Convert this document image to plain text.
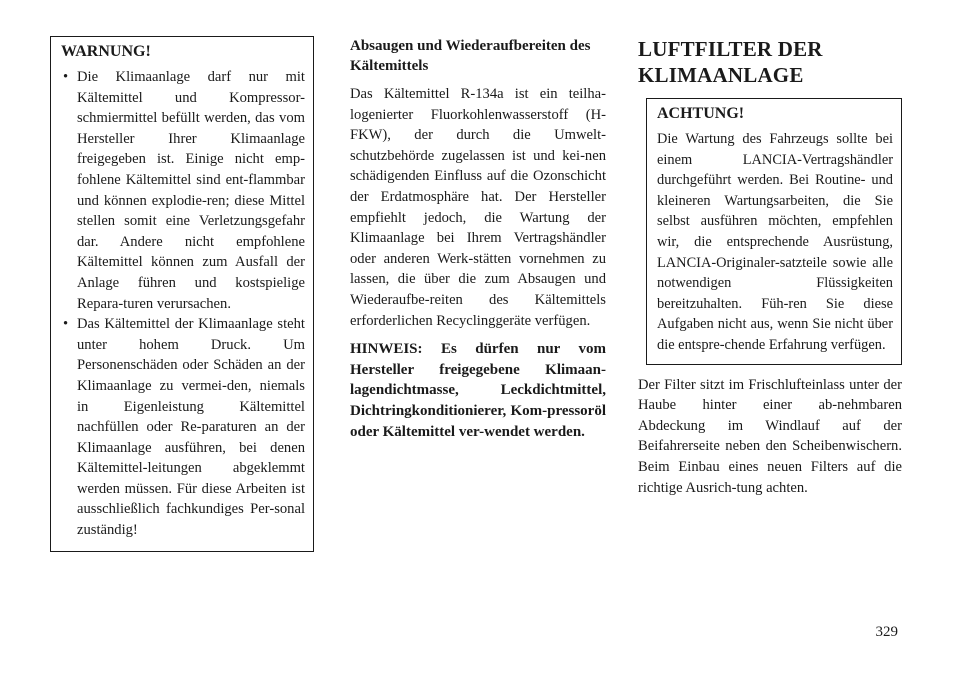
WARNUNG!
• Die Klimaanlage darf nur mit Kältemittel und Kompressor-schmiermittel befüllt werden, das vom Hersteller Ihrer Klimaanlage freigegeben ist. Einige nicht emp-fohlene Kältemittel sind ent-flammbar und können explodie-ren; diese Mittel stellen somit eine Verletzungsgefahr dar. Andere nicht empfohlene Kältemittel können zum Ausfall der Anlage führen und kostspielige Repara-turen verursachen.
• Das Kältemittel der Klimaanlage steht unter hohem Druck. Um Personenschäden oder Schäden an der Klimaanlage zu vermei-den, niemals in Eigenleistung Kältemittel nachfüllen oder Re-paraturen an der Klimaanlage ausführen, bei denen Kältemittel-leitungen abgeklemmt werden müssen. Für diese Arbeiten ist ausschließlich fachkundiges Per-sonal zuständig!
Absaugen und Wiederaufbereiten des Kältemittels

Das Kältemittel R-134a ist ein teilha-logenierter Fluorkohlenwasserstoff (H-FKW), der durch die Umwelt-schutzbehörde zugelassen ist und kei-nen schädigenden Einfluss auf die Ozonschicht der Erdatmosphäre hat. Der Hersteller empfiehlt jedoch, die Wartung der Klimaanlage bei Ihrem Vertragshändler oder anderen Werk-stätten vornehmen zu lassen, die über die zum Absaugen und Wiederaufbe-reiten des Kältemittels erforderlichen Recyclinggeräte verfügen.

HINWEIS: Es dürfen nur vom Hersteller freigegebene Klimaan-lagendichtmasse, Leckdichtmittel, Dichtringkonditionierer, Kom-pressoröl oder Kältemittel ver-wendet werden.

LUFTFILTER DER
KLIMAANLAGE
ACHTUNG!

Die Wartung des Fahrzeugs sollte bei einem LANCIA-Vertragshändler durchgeführt werden. Bei Routine- und kleineren Wartungsarbeiten, die Sie selbst ausführen möchten, empfehlen wir, die entsprechende Ausrüstung, LANCIA-Originaler-satzteile sowie alle notwendigen Flüssigkeiten bereitzuhalten. Füh-ren Sie diese Aufgaben nicht aus, wenn Sie nicht über die entspre-chende Erfahrung verfügen.

Der Filter sitzt im Frischlufteinlass unter der Haube hinter einer ab-nehmbaren Abdeckung im Windlauf auf der Beifahrerseite neben den Scheibenwischern. Beim Einbau eines neuen Filters auf die richtige Ausrich-tung achten.

329
